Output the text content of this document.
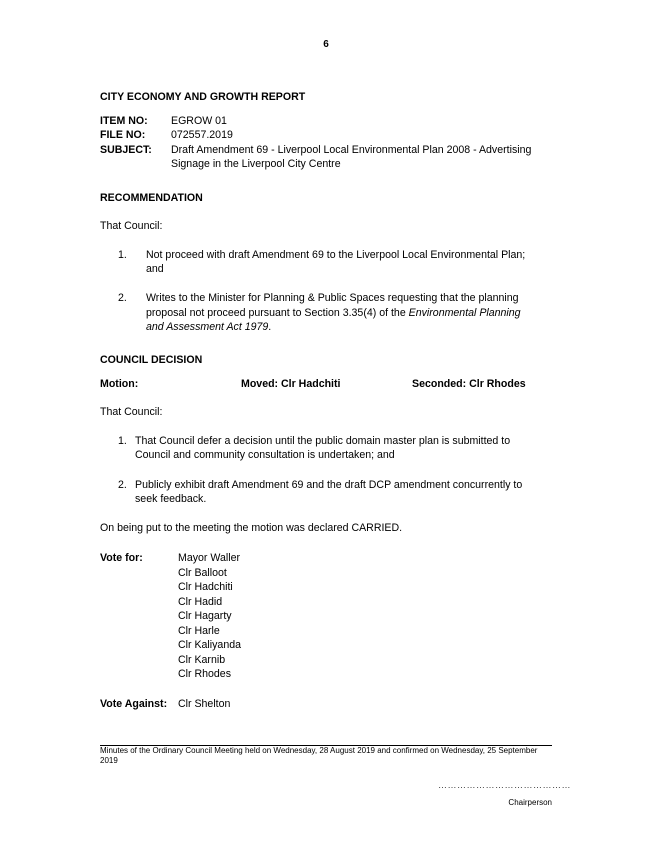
6
CITY ECONOMY AND GROWTH REPORT
ITEM NO: EGROW 01
FILE NO: 072557.2019
SUBJECT: Draft Amendment 69 - Liverpool Local Environmental Plan 2008 - Advertising
Signage in the Liverpool City Centre
RECOMMENDATION
That Council:
1. Not proceed with draft Amendment 69 to the Liverpool Local Environmental Plan;
and
2. Writes to the Minister for Planning & Public Spaces requesting that the planning
proposal not proceed pursuant to Section 3.35(4) of the Environmental Planning
and Assessment Act 1979.
COUNCIL DECISION
Motion:	Moved: Clr Hadchiti	Seconded: Clr Rhodes
That Council:
1. That Council defer a decision until the public domain master plan is submitted to
Council and community consultation is undertaken; and
2. Publicly exhibit draft Amendment 69 and the draft DCP amendment concurrently to
seek feedback.
On being put to the meeting the motion was declared CARRIED.
Vote for:	Mayor Waller
Clr Balloot
Clr Hadchiti
Clr Hadid
Clr Hagarty
Clr Harle
Clr Kaliyanda
Clr Karnib
Clr Rhodes
Vote Against: Clr Shelton
Minutes of the Ordinary Council Meeting held on Wednesday, 28 August 2019 and confirmed on Wednesday, 25 September
2019
……………………………………
Chairperson
